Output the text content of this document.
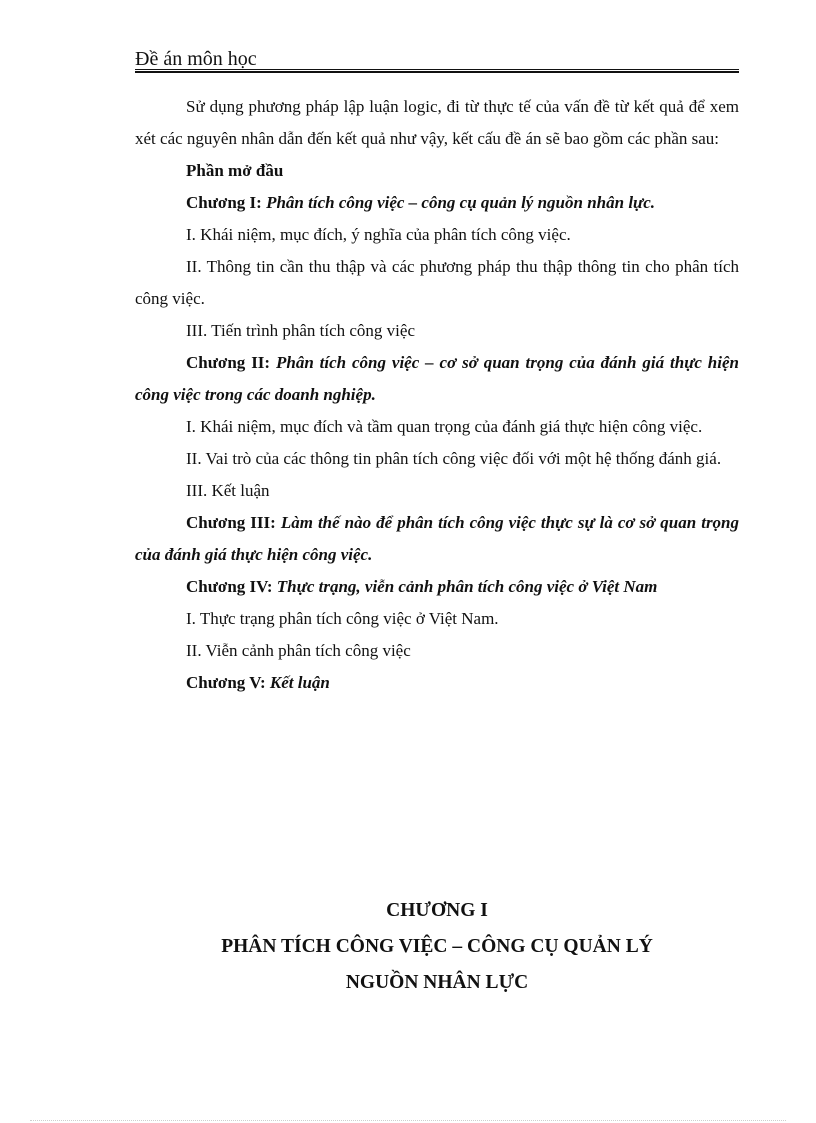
Đề án môn học

Sử dụng phương pháp lập luận logic, đi từ thực tế của vấn đề từ kết quả để xem xét các nguyên nhân dẫn đến kết quả như vậy, kết cấu đề án sẽ bao gồm các phần sau:

Phần mở đầu

Chương I: Phân tích công việc – công cụ quản lý nguồn nhân lực.

I. Khái niệm, mục đích, ý nghĩa của phân tích công việc.

II. Thông tin cần thu thập và các phương pháp thu thập thông tin cho phân tích công việc.

III. Tiến trình phân tích công việc

Chương II: Phân tích công việc – cơ sở quan trọng của đánh giá thực hiện công việc trong các doanh nghiệp.

I. Khái niệm, mục đích và tầm quan trọng của đánh giá thực hiện công việc.

II. Vai trò của các thông tin phân tích công việc đối với một hệ thống đánh giá.

III. Kết luận

Chương III: Làm thế nào để phân tích công việc thực sự là cơ sở quan trọng của đánh giá thực hiện công việc.

Chương IV: Thực trạng, viễn cảnh phân tích công việc ở Việt Nam

I. Thực trạng phân tích công việc ở Việt Nam.

II. Viễn cảnh phân tích công việc

Chương V: Kết luận

CHƯƠNG I
PHÂN TÍCH CÔNG VIỆC – CÔNG CỤ QUẢN LÝ
NGUỒN NHÂN LỰC
